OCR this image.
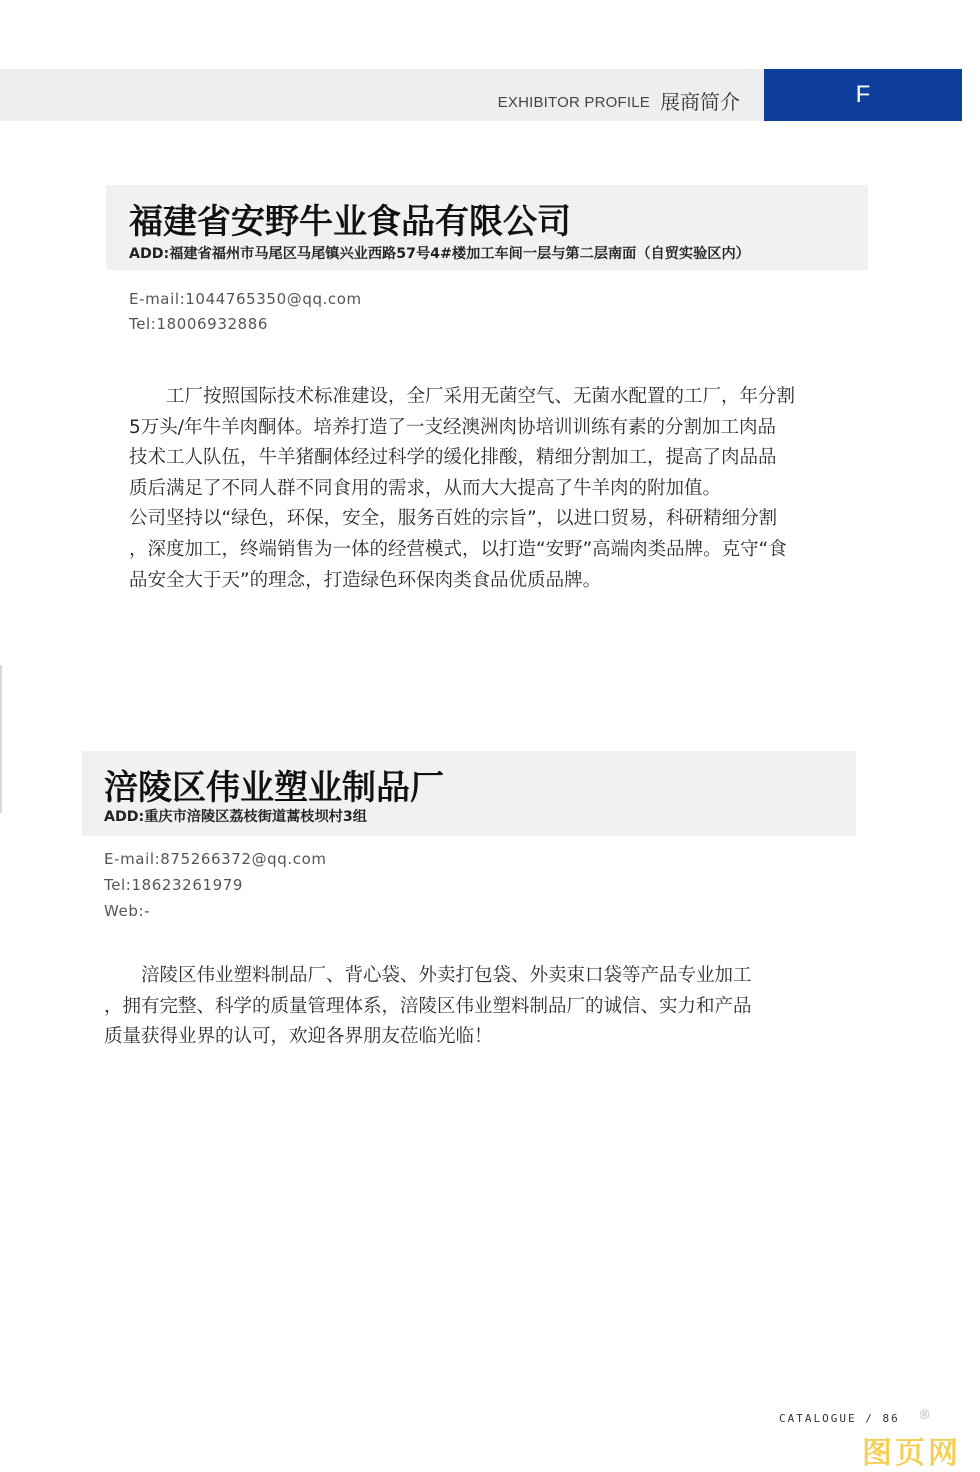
EXHIBITOR PROFILE 展商简介	F
福建省安野牛业食品有限公司
ADD:福建省福州市马尾区马尾镇兴业西路57号4#楼加工车间一层与第二层南面（自贸实验区内）
E-mail:1044765350@qq.com
Tel:18006932886
工厂按照国际技术标准建设，全厂采用无菌空气、无菌水配置的工厂，年分割
5万头/年牛羊肉酮体。培养打造了一支经澳洲肉协培训训练有素的分割加工肉品
技术工人队伍，牛羊猪酮体经过科学的缓化排酸，精细分割加工，提高了肉品品
质后满足了不同人群不同食用的需求，从而大大提高了牛羊肉的附加值。
公司坚持以“绿色，环保，安全，服务百姓的宗旨”，以进口贸易，科研精细分割
，深度加工，终端销售为一体的经营模式，以打造“安野”高端肉类品牌。克守“食
品安全大于天”的理念，打造绿色环保肉类食品优质品牌。
涪陵区伟业塑业制品厂
ADD:重庆市涪陵区荔枝街道蒿枝坝村3组
E-mail:875266372@qq.com
Tel:18623261979
Web:-
涪陵区伟业塑料制品厂、背心袋、外卖打包袋、外卖束口袋等产品专业加工
，拥有完整、科学的质量管理体系，涪陵区伟业塑料制品厂的诚信、实力和产品
质量获得业界的认可，欢迎各界朋友莅临光临！
CATALOGUE / 86 ®
图页网
